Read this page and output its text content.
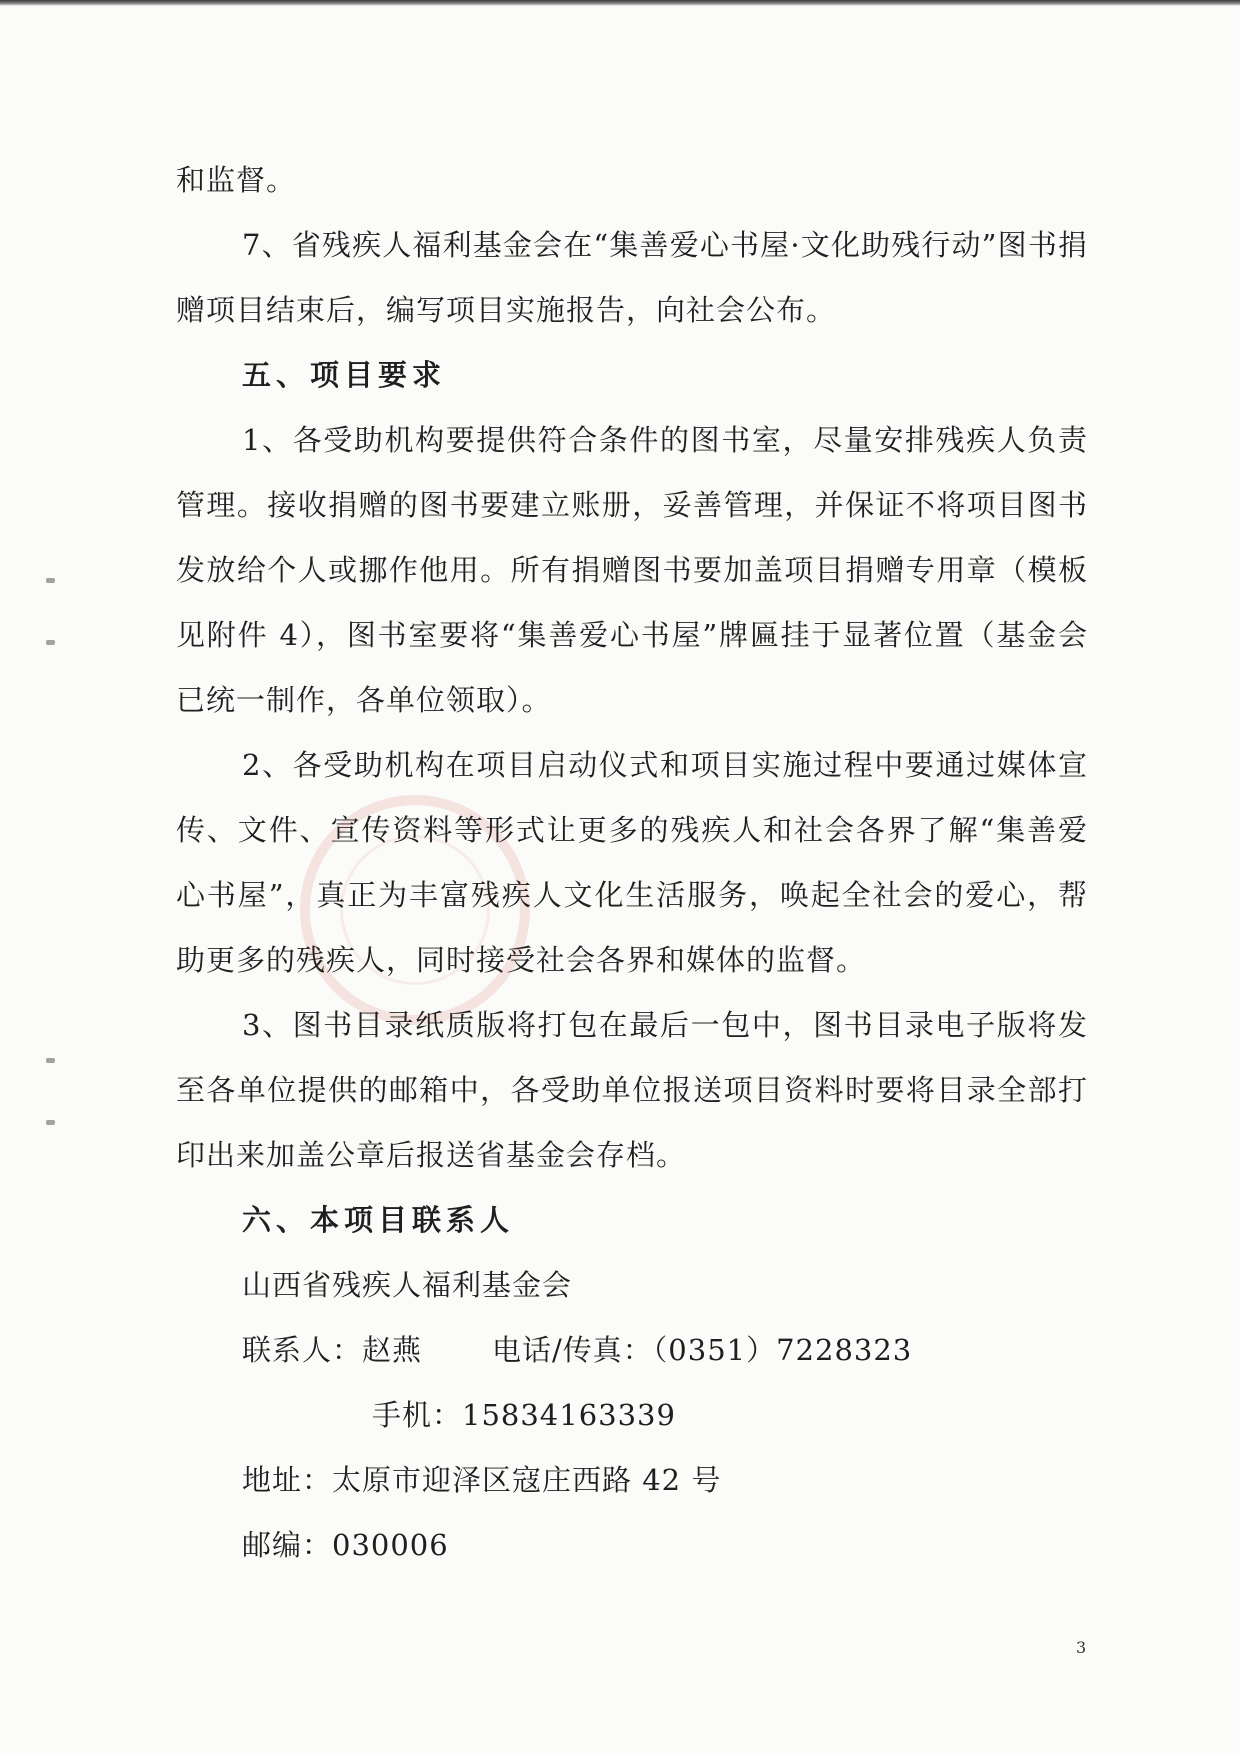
和监督。

7、省残疾人福利基金会在“集善爱心书屋·文化助残行动”图书捐赠项目结束后，编写项目实施报告，向社会公布。

五、项目要求

1、各受助机构要提供符合条件的图书室，尽量安排残疾人负责管理。接收捐赠的图书要建立账册，妥善管理，并保证不将项目图书发放给个人或挪作他用。所有捐赠图书要加盖项目捐赠专用章（模板见附件 4），图书室要将“集善爱心书屋”牌匾挂于显著位置（基金会已统一制作，各单位领取）。

2、各受助机构在项目启动仪式和项目实施过程中要通过媒体宣传、文件、宣传资料等形式让更多的残疾人和社会各界了解“集善爱心书屋”，真正为丰富残疾人文化生活服务，唤起全社会的爱心，帮助更多的残疾人，同时接受社会各界和媒体的监督。

3、图书目录纸质版将打包在最后一包中，图书目录电子版将发至各单位提供的邮箱中，各受助单位报送项目资料时要将目录全部打印出来加盖公章后报送省基金会存档。

六、本项目联系人

山西省残疾人福利基金会

联系人：赵燕 电话/传真：（0351）7228323

手机：15834163339

地址：太原市迎泽区寇庄西路 42 号

邮编：030006

3
